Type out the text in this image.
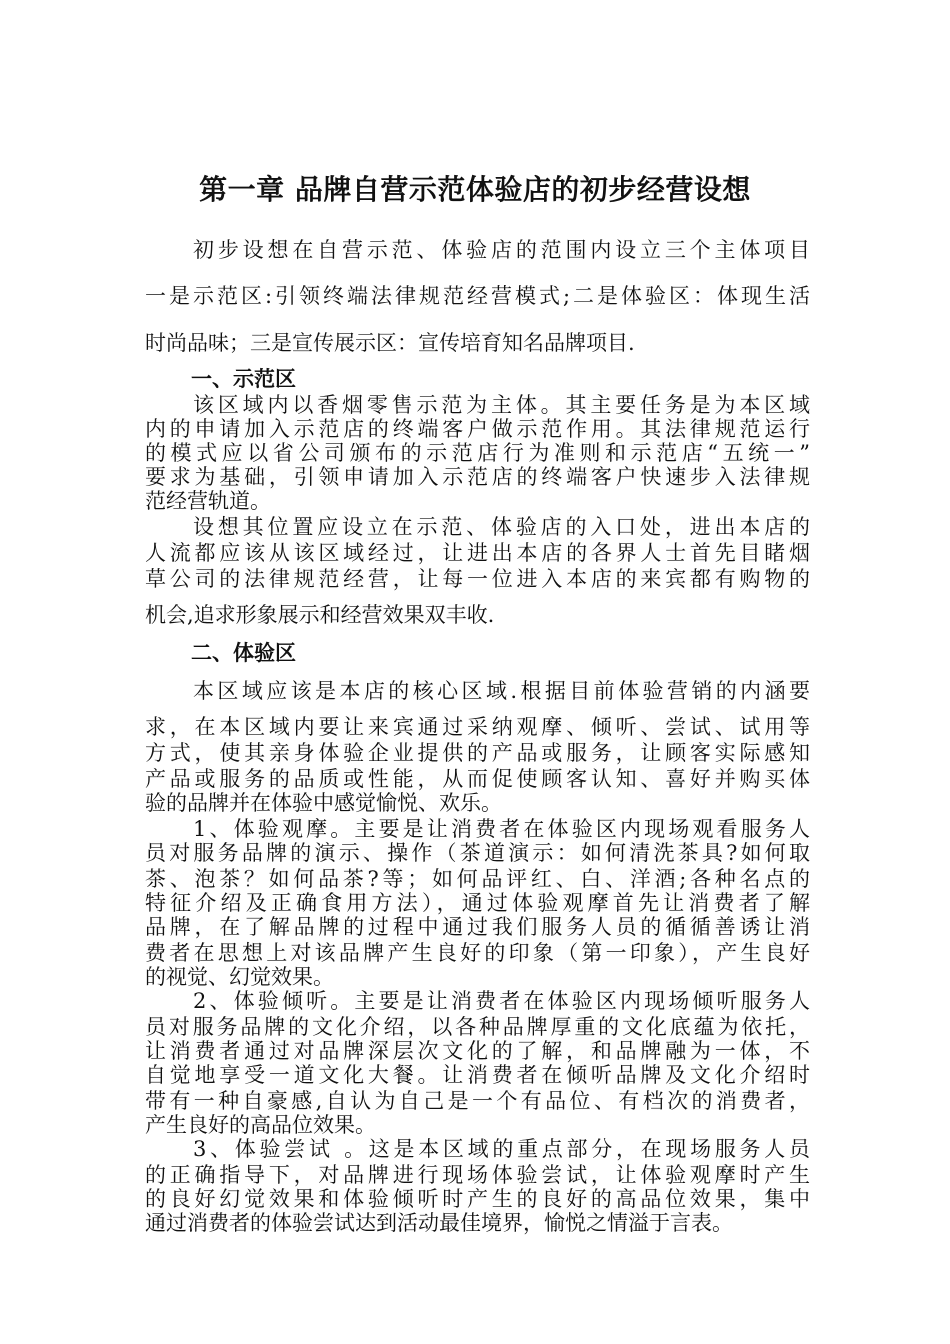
第一章 品牌自营示范体验店的初步经营设想
初步设想在自营示范、体验店的范围内设立三个主体项目
一是示范区:引领终端法律规范经营模式;二是体验区：体现生活
时尚品味；三是宣传展示区：宣传培育知名品牌项目.
一、示范区
该区域内以香烟零售示范为主体。其主要任务是为本区域
内的申请加入示范店的终端客户做示范作用。其法律规范运行
的模式应以省公司颁布的示范店行为准则和示范店“五统一”
要求为基础，引领申请加入示范店的终端客户快速步入法律规
范经营轨道。
设想其位置应设立在示范、体验店的入口处，进出本店的
人流都应该从该区域经过，让进出本店的各界人士首先目睹烟
草公司的法律规范经营，让每一位进入本店的来宾都有购物的
机会,追求形象展示和经营效果双丰收.
二、体验区
本区域应该是本店的核心区域.根据目前体验营销的内涵要
求，在本区域内要让来宾通过采纳观摩、倾听、尝试、试用等
方式，使其亲身体验企业提供的产品或服务，让顾客实际感知
产品或服务的品质或性能，从而促使顾客认知、喜好并购买体
验的品牌并在体验中感觉愉悦、欢乐。
1、体验观摩。主要是让消费者在体验区内现场观看服务人
员对服务品牌的演示、操作（茶道演示：如何清洗茶具?如何取
茶、泡茶？如何品茶?等；如何品评红、白、洋酒;各种名点的
特征介绍及正确食用方法），通过体验观摩首先让消费者了解
品牌，在了解品牌的过程中通过我们服务人员的循循善诱让消
费者在思想上对该品牌产生良好的印象（第一印象），产生良好
的视觉、幻觉效果。
2、体验倾听。主要是让消费者在体验区内现场倾听服务人
员对服务品牌的文化介绍，以各种品牌厚重的文化底蕴为依托，
让消费者通过对品牌深层次文化的了解，和品牌融为一体，不
自觉地享受一道文化大餐。让消费者在倾听品牌及文化介绍时
带有一种自豪感,自认为自己是一个有品位、有档次的消费者，
产生良好的高品位效果。
3、体验尝试 。这是本区域的重点部分，在现场服务人员
的正确指导下，对品牌进行现场体验尝试，让体验观摩时产生
的良好幻觉效果和体验倾听时产生的良好的高品位效果，集中
通过消费者的体验尝试达到活动最佳境界，愉悦之情溢于言表。
